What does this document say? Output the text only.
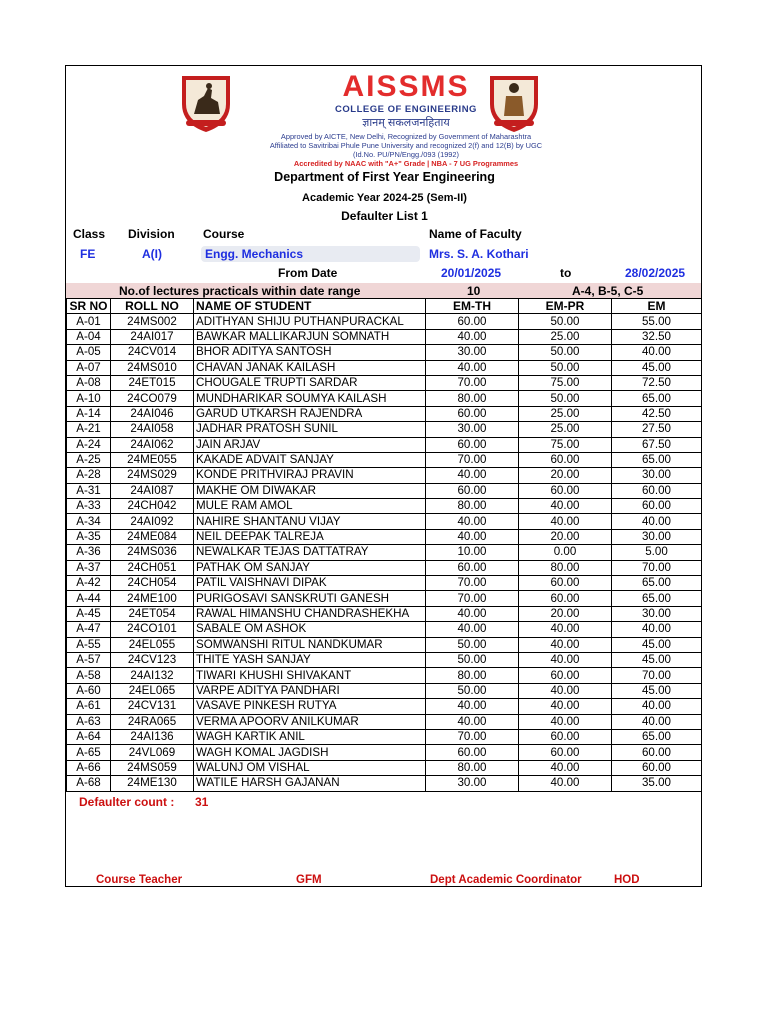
AISSMS
COLLEGE OF ENGINEERING
ज्ञानम् सकलजनहिताय
Approved by AICTE, New Delhi, Recognized by Government of Maharashtra
Affiliated to Savitribai Phule Pune University and recognized 2(f) and 12(B) by UGC
(Id.No. PU/PN/Engg./093 (1992)
Accredited by NAAC with "A+" Grade | NBA - 7 UG Programmes
Department of First Year Engineering
Academic Year 2024-25 (Sem-II)
Defaulter List 1
Class Division Course	Name of Faculty
FE	A(I)	Engg. Mechanics	Mrs. S. A. Kothari
From Date	20/01/2025	to	28/02/2025
No.of lectures practicals within date range	10	A-4, B-5, C-5
SR NO	ROLL NO	NAME OF STUDENT	EM-TH	EM-PR	EM
A-01	24MS002	ADITHYAN SHIJU PUTHANPURACKAL	60.00	50.00	55.00
A-04	24AI017	BAWKAR MALLIKARJUN SOMNATH	40.00	25.00	32.50
A-05	24CV014	BHOR ADITYA SANTOSH	30.00	50.00	40.00
A-07	24MS010	CHAVAN JANAK KAILASH	40.00	50.00	45.00
A-08	24ET015	CHOUGALE TRUPTI SARDAR	70.00	75.00	72.50
A-10	24CO079	MUNDHARIKAR SOUMYA KAILASH	80.00	50.00	65.00
A-14	24AI046	GARUD UTKARSH RAJENDRA	60.00	25.00	42.50
A-21	24AI058	JADHAR PRATOSH SUNIL	30.00	25.00	27.50
A-24	24AI062	JAIN ARJAV	60.00	75.00	67.50
A-25	24ME055	KAKADE ADVAIT SANJAY	70.00	60.00	65.00
A-28	24MS029	KONDE PRITHVIRAJ PRAVIN	40.00	20.00	30.00
A-31	24AI087	MAKHE OM DIWAKAR	60.00	60.00	60.00
A-33	24CH042	MULE RAM AMOL	80.00	40.00	60.00
A-34	24AI092	NAHIRE SHANTANU VIJAY	40.00	40.00	40.00
A-35	24ME084	NEIL DEEPAK TALREJA	40.00	20.00	30.00
A-36	24MS036	NEWALKAR TEJAS DATTATRAY	10.00	0.00	5.00
A-37	24CH051	PATHAK OM SANJAY	60.00	80.00	70.00
A-42	24CH054	PATIL VAISHNAVI DIPAK	70.00	60.00	65.00
A-44	24ME100	PURIGOSAVI SANSKRUTI GANESH	70.00	60.00	65.00
A-45	24ET054	RAWAL HIMANSHU CHANDRASHEKHA	40.00	20.00	30.00
A-47	24CO101	SABALE OM ASHOK	40.00	40.00	40.00
A-55	24EL055	SOMWANSHI RITUL NANDKUMAR	50.00	40.00	45.00
A-57	24CV123	THITE YASH SANJAY	50.00	40.00	45.00
A-58	24AI132	TIWARI KHUSHI SHIVAKANT	80.00	60.00	70.00
A-60	24EL065	VARPE ADITYA PANDHARI	50.00	40.00	45.00
A-61	24CV131	VASAVE PINKESH RUTYA	40.00	40.00	40.00
A-63	24RA065	VERMA APOORV ANILKUMAR	40.00	40.00	40.00
A-64	24AI136	WAGH KARTIK ANIL	70.00	60.00	65.00
A-65	24VL069	WAGH KOMAL JAGDISH	60.00	60.00	60.00
A-66	24MS059	WALUNJ OM VISHAL	80.00	40.00	60.00
A-68	24ME130	WATILE HARSH GAJANAN	30.00	40.00	35.00
Defaulter count : 31
Course Teacher	GFM	Dept Academic Coordinator	HOD
